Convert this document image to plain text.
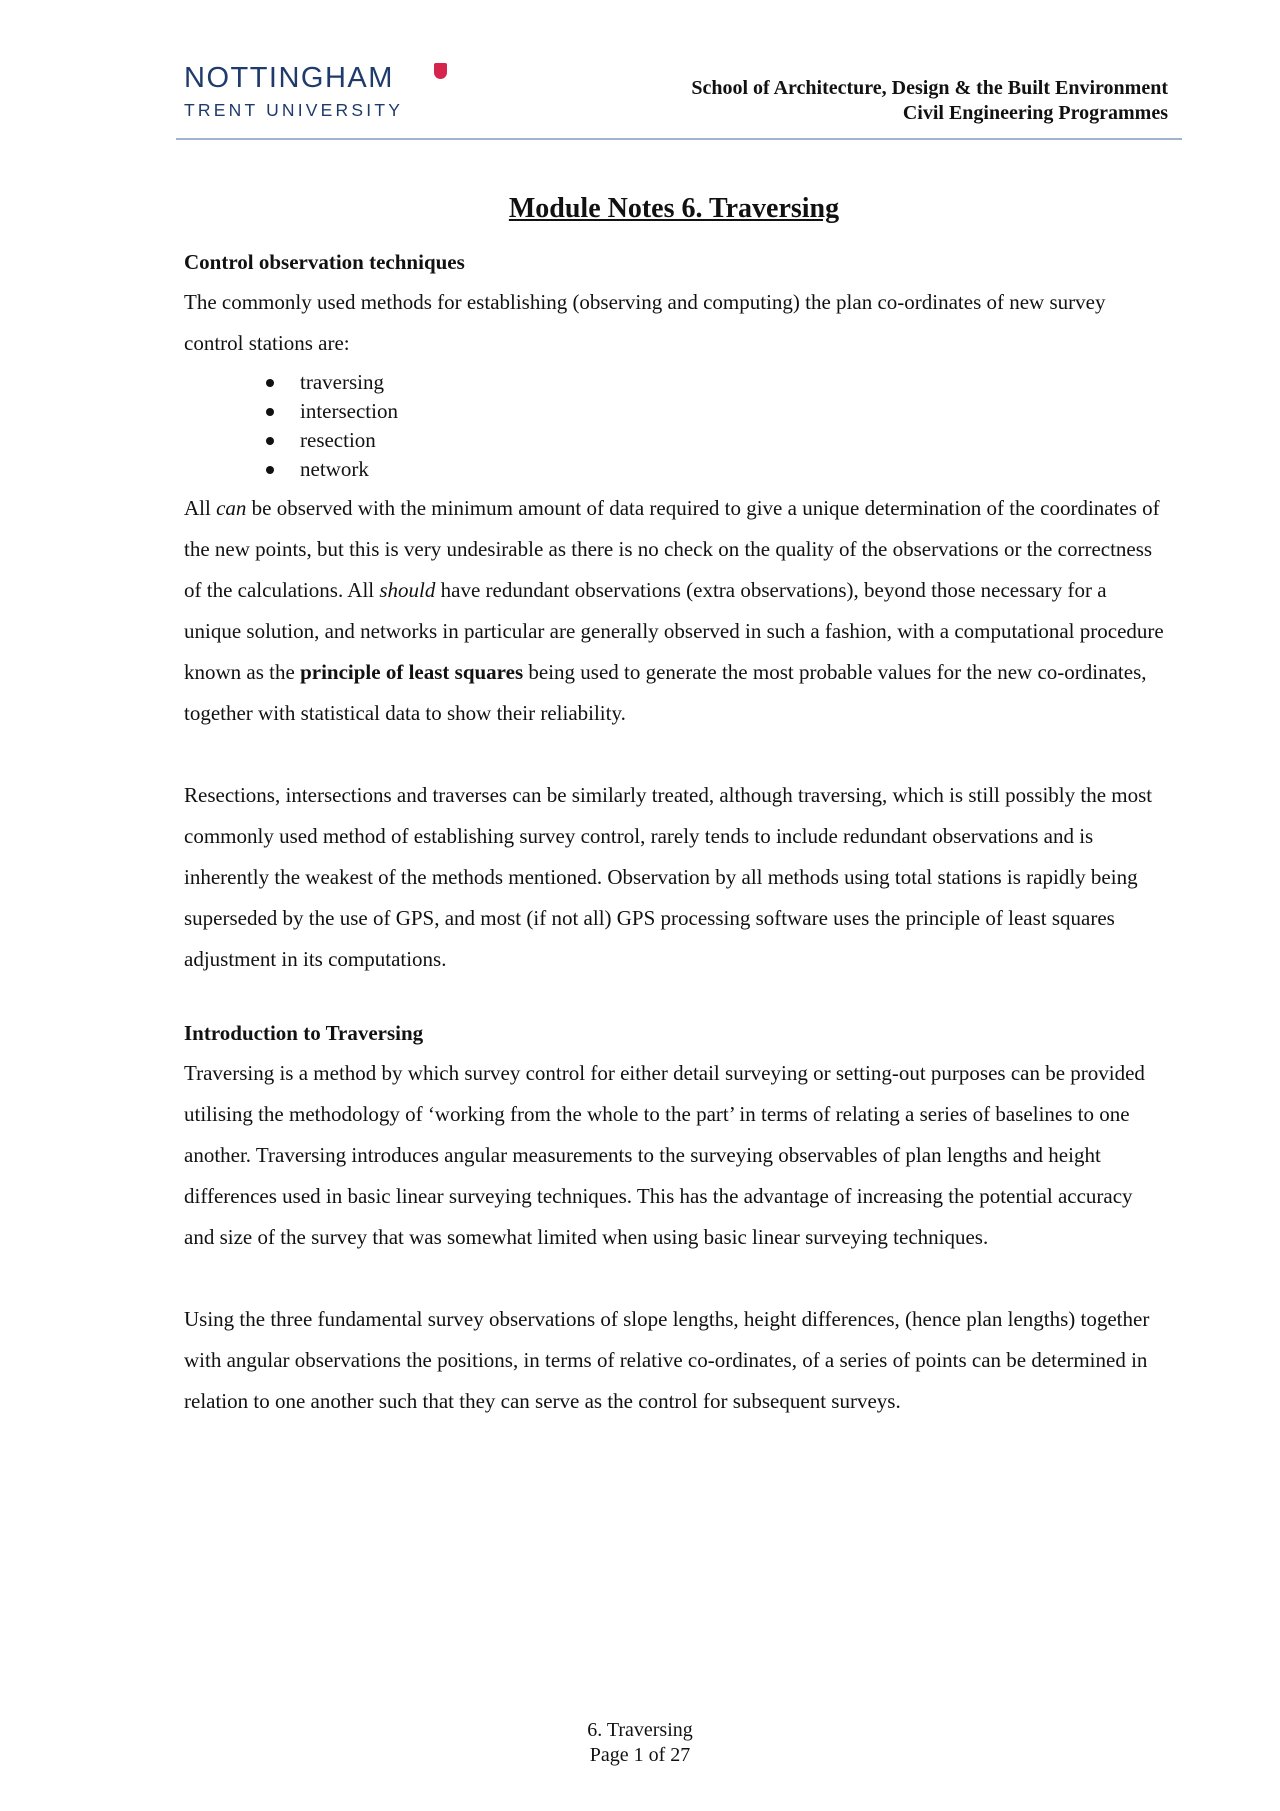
NOTTINGHAM
TRENT UNIVERSITY
School of Architecture, Design & the Built Environment
Civil Engineering Programmes
Module Notes 6. Traversing
Control observation techniques

The commonly used methods for establishing (observing and computing) the plan co-ordinates of new survey control stations are:

traversing
intersection
resection
network

All can be observed with the minimum amount of data required to give a unique determination of the coordinates of the new points, but this is very undesirable as there is no check on the quality of the observations or the correctness of the calculations. All should have redundant observations (extra observations), beyond those necessary for a unique solution, and networks in particular are generally observed in such a fashion, with a computational procedure known as the principle of least squares being used to generate the most probable values for the new co-ordinates, together with statistical data to show their reliability.

Resections, intersections and traverses can be similarly treated, although traversing, which is still possibly the most commonly used method of establishing survey control, rarely tends to include redundant observations and is inherently the weakest of the methods mentioned. Observation by all methods using total stations is rapidly being superseded by the use of GPS, and most (if not all) GPS processing software uses the principle of least squares adjustment in its computations.

Introduction to Traversing

Traversing is a method by which survey control for either detail surveying or setting-out purposes can be provided utilising the methodology of ‘working from the whole to the part’ in terms of relating a series of baselines to one another. Traversing introduces angular measurements to the surveying observables of plan lengths and height differences used in basic linear surveying techniques. This has the advantage of increasing the potential accuracy and size of the survey that was somewhat limited when using basic linear surveying techniques.

Using the three fundamental survey observations of slope lengths, height differences, (hence plan lengths) together with angular observations the positions, in terms of relative co-ordinates, of a series of points can be determined in relation to one another such that they can serve as the control for subsequent surveys.

6. Traversing
Page 1 of 27
